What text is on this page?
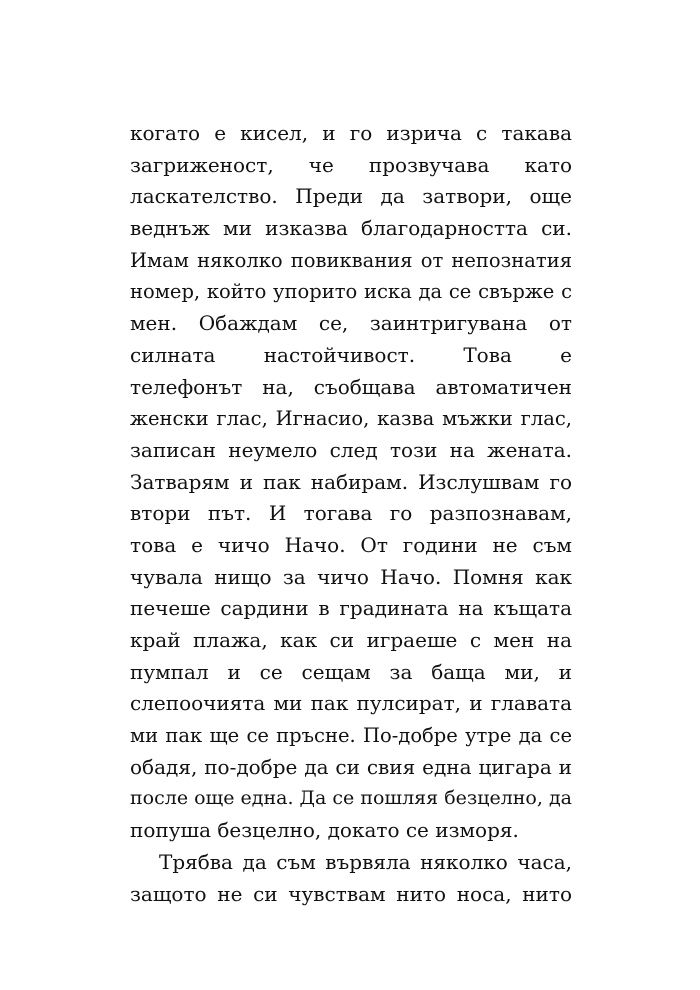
когато е кисел, и го изрича с такава
загриженост, че прозвучава като
ласкателство. Преди да затвори, още
веднъж ми изказва благодарността си.
Имам няколко повиквания от непознатия
номер, който упорито иска да се свърже с
мен. Обаждам се, заинтригувана от
силната настойчивост. Това е
телефонът на, съобщава автоматичен
женски глас, Игнасио, казва мъжки глас,
записан неумело след този на жената.
Затварям и пак набирам. Изслушвам го
втори път. И тогава го разпознавам,
това е чичо Начо. От години не съм
чувала нищо за чичо Начо. Помня как
печеше сардини в градината на къщата
край плажа, как си играеше с мен на
пумпал и се сещам за баща ми, и
слепоочията ми пак пулсират, и главата
ми пак ще се пръсне. По-добре утре да се
обадя, по-добре да си свия една цигара и
после още една. Да се пошляя безцелно, да
попуша безцелно, докато се изморя.
Трябва да съм вървяла няколко часа,
защото не си чувствам нито носа, нито
